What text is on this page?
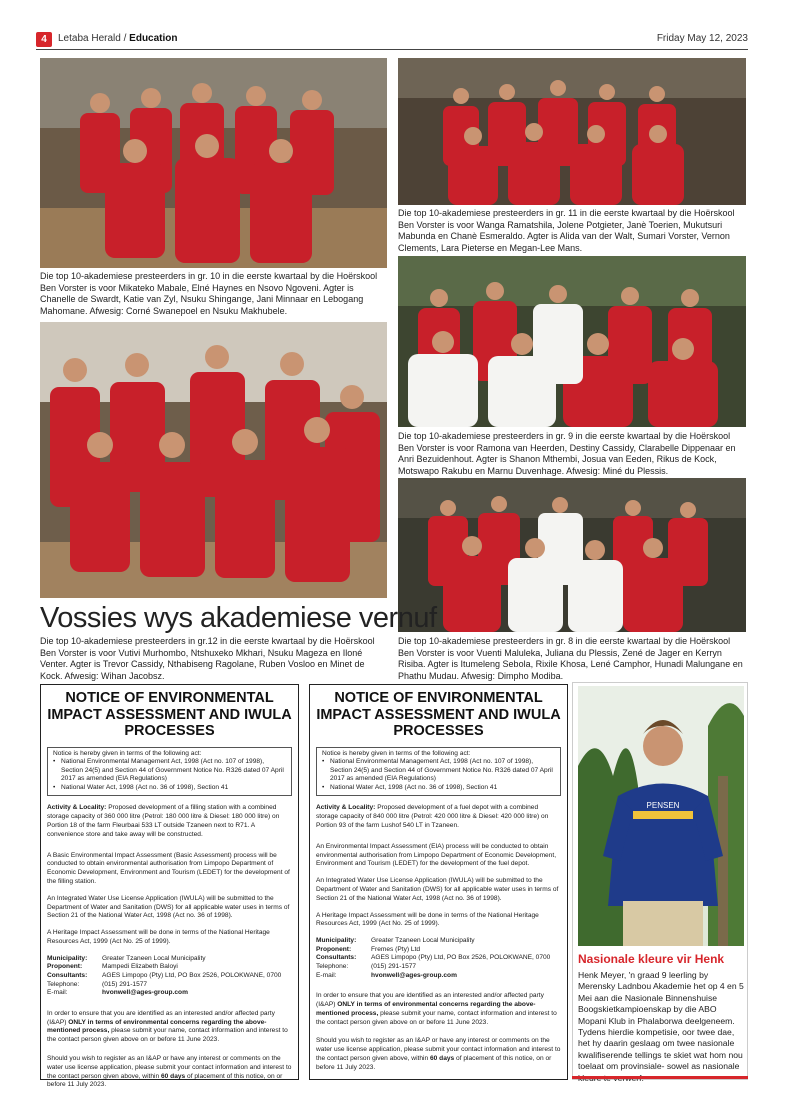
4	Letaba Herald / Education	Friday May 12, 2023
Die top 10-akademiese presteerders in gr. 11 in die eerste kwartaal by die Hoërskool Ben Vorster is voor Wanga Ramatshila, Jolene Potgieter, Janè Toerien, Mukutsuri Mabunda en Chanè Esmeraldo. Agter is Alida van der Walt, Sumari Vorster, Vernon Clements, Lara Pieterse en Megan-Lee Mans.
Die top 10-akademiese presteerders in gr. 10 in die eerste kwartaal by die Hoërskool Ben Vorster is voor Mikateko Mabale, Elné Haynes en Nsovo Ngoveni. Agter is Chanelle de Swardt, Katie van Zyl, Nsuku Shingange, Jani Minnaar en Lebogang Mahomane. Afwesig: Corné Swanepoel en Nsuku Makhubele.
Die top 10-akademiese presteerders in gr. 9 in die eerste kwartaal by die Hoërskool Ben Vorster is voor Ramona van Heerden, Destiny Cassidy, Clarabelle Dippenaar en Anri Bezuidenhout. Agter is Shanon Mthembi, Josua van Eeden, Rikus de Kock, Motswapo Rakubu en Marnu Duvenhage. Afwesig: Miné du Plessis.
Vossies wys akademiese vernuf
Die top 10-akademiese presteerders in gr.12 in die eerste kwartaal by die Hoërskool Ben Vorster is voor Vutivi Murhombo, Ntshuxeko Mkhari, Nsuku Mageza en Iloné Venter. Agter is Trevor Cassidy, Nthabiseng Ragolane, Ruben Vosloo en Minet de Kock. Afwesig: Wihan Jacobsz.
Die top 10-akademiese presteerders in gr. 8 in die eerste kwartaal by die Hoërskool Ben Vorster is voor Vuenti Maluleka, Juliana du Plessis, Zené de Jager en Kerryn Risiba. Agter is Itumeleng Sebola, Rixile Khosa, Lené Camphor, Hunadi Malungane en Phathu Mudau. Afwesig: Dimpho Modiba.
NOTICE OF ENVIRONMENTAL IMPACT ASSESSMENT AND IWULA PROCESSES
Notice is hereby given in terms of the following act:
• National Environmental Management Act, 1998 (Act no. 107 of 1998), Section 24(5) and Section 44 of Government Notice No. R326 dated 07 April 2017 as amended (EIA Regulations)
• National Water Act, 1998 (Act no. 36 of 1998), Section 41

Activity & Locality: Proposed development of a filling station with a combined storage capacity of 360 000 litre (Petrol: 180 000 litre & Diesel: 180 000 litre) on Portion 18 of the farm Fleurbaai 533 LT outside Tzaneen next to R71. A convenience store and take away will be constructed.

A Basic Environmental Impact Assessment (Basic Assessment) process will be conducted to obtain environmental authorisation from Limpopo Department of Economic Development, Environment and Tourism (LEDET) for the development of the filling station.

An Integrated Water Use License Application (IWULA) will be submitted to the Department of Water and Sanitation (DWS) for all applicable water uses in terms of Section 21 of the National Water Act, 1998 (Act no. 36 of 1998).

A Heritage Impact Assessment will be done in terms of the National Heritage Resources Act, 1999 (Act No. 25 of 1999).

Municipality:	Greater Tzaneen Local Municipality
Proponent:	Mampedi Elizabeth Baloyi
Consultants:	AGES Limpopo (Pty) Ltd, PO Box 2526, POLOKWANE, 0700
Telephone:	(015) 291-1577
E-mail:	hvonwell@ages-group.com

In order to ensure that you are identified as an interested and/or affected party (I&AP) ONLY in terms of environmental concerns regarding the above-mentioned process, please submit your name, contact information and interest to the contact person given above on or before 11 June 2023.

Should you wish to register as an I&AP or have any interest or comments on the water use license application, please submit your contact information and interest to the contact person given above, within 60 days of placement of this notice, on or before 11 July 2023.

NOTICE OF ENVIRONMENTAL IMPACT ASSESSMENT AND IWULA PROCESSES
Notice is hereby given in terms of the following act:
• National Environmental Management Act, 1998 (Act no. 107 of 1998), Section 24(5) and Section 44 of Government Notice No. R326 dated 07 April 2017 as amended (EIA Regulations)
• National Water Act, 1998 (Act no. 36 of 1998), Section 41

Activity & Locality: Proposed development of a fuel depot with a combined storage capacity of 840 000 litre (Petrol: 420 000 litre & Diesel: 420 000 litre) on Portion 93 of the farm Lushof 540 LT in Tzaneen.

An Environmental Impact Assessment (EIA) process will be conducted to obtain environmental authorisation from Limpopo Department of Economic Development, Environment and Tourism (LEDET) for the development of the fuel depot.

An Integrated Water Use License Application (IWULA) will be submitted to the Department of Water and Sanitation (DWS) for all applicable water uses in terms of Section 21 of the National Water Act, 1998 (Act no. 36 of 1998).

A Heritage Impact Assessment will be done in terms of the National Heritage Resources Act, 1999 (Act No. 25 of 1999).

Municipality:	Greater Tzaneen Local Municipality
Proponent:	Fremes (Pty) Ltd
Consultants:	AGES Limpopo (Pty) Ltd, PO Box 2526, POLOKWANE, 0700
Telephone:	(015) 291-1577
E-mail:	hvonwell@ages-group.com

In order to ensure that you are identified as an interested and/or affected party (I&AP) ONLY in terms of environmental concerns regarding the above-mentioned process, please submit your name, contact information and interest to the contact person given above on or before 11 June 2023.

Should you wish to register as an I&AP or have any interest or comments on the water use license application, please submit your contact information and interest to the contact person given above, within 60 days of placement of this notice, on or before 11 July 2023.

PENSEN
Nasionale kleure vir Henk
Henk Meyer, 'n graad 9 leerling by Merensky Ladnbou Akademie het op 4 en 5 Mei aan die Nasionale Binnenshuise Boogskietkampioenskap by die ABO Mopani Klub in Phalaborwa deelgeneem. Tydens hierdie kompetisie, oor twee dae, het hy daarin geslaag om twee nasionale kwalifiserende tellings te skiet wat hom nou toelaat om provinsiale- sowel as nasionale
